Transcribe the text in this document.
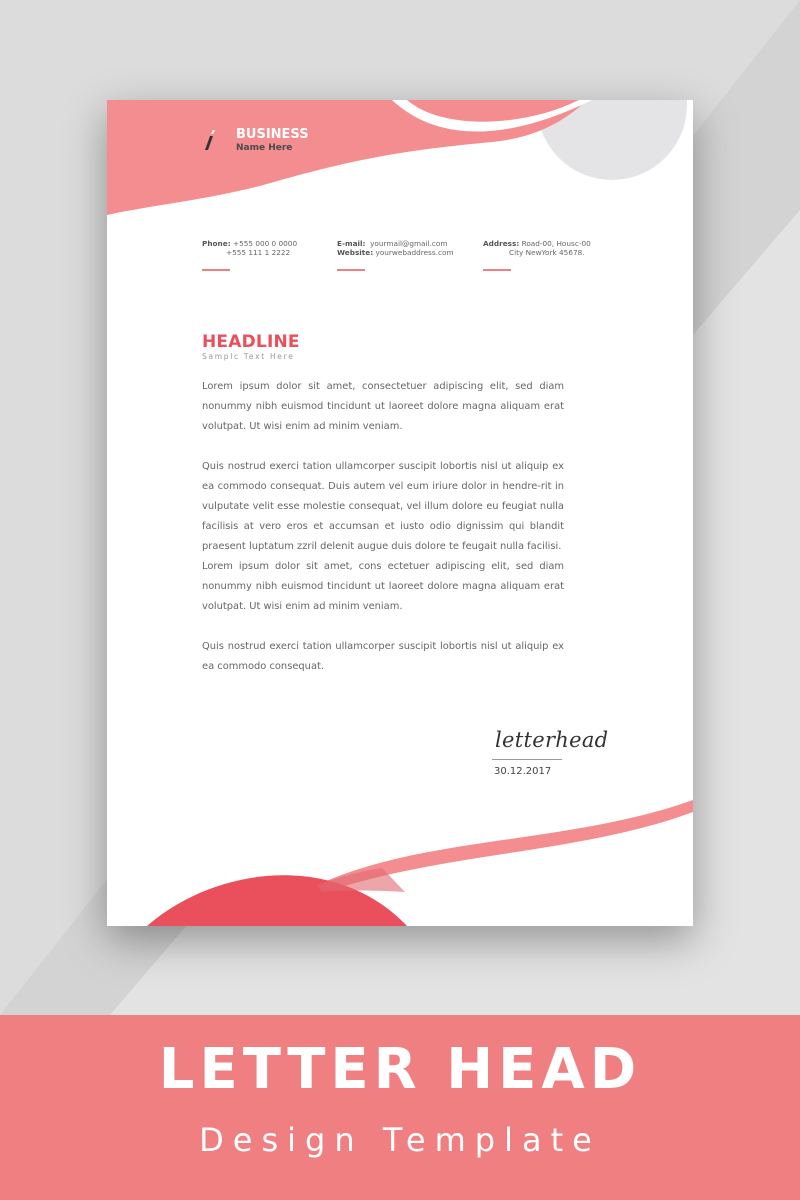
BUSINESS
Name Here
Phone: +555 000 0 0000
+555 111 1 2222
E-mail: yourmail@gmail.com
Website: yourwebaddress.com
Address: Road-00, Housc-00
City NewYork 45678.
HEADLINE
Samplc Text Here

Lorem ipsum dolor sit amet, consectetuer adipiscing elit, sed diam nonummy nibh euismod tincidunt ut laoreet dolore magna aliquam erat volutpat. Ut wisi enim ad minim veniam.

Quis nostrud exerci tation ullamcorper suscipit lobortis nisl ut aliquip ex ea commodo consequat. Duis autem vel eum iriure dolor in hendre-rit in vulputate velit esse molestie consequat, vel illum dolore eu feugiat nulla facilisis at vero eros et accumsan et iusto odio dignissim qui blandit praesent luptatum zzril delenit augue duis dolore te feugait nulla facilisi.

Lorem ipsum dolor sit amet, cons ectetuer adipiscing elit, sed diam nonummy nibh euismod tincidunt ut laoreet dolore magna aliquam erat volutpat. Ut wisi enim ad minim veniam.

Quis nostrud exerci tation ullamcorper suscipit lobortis nisl ut aliquip ex ea commodo consequat.

letterhead
30.12.2017
LETTER HEAD
Design Template
